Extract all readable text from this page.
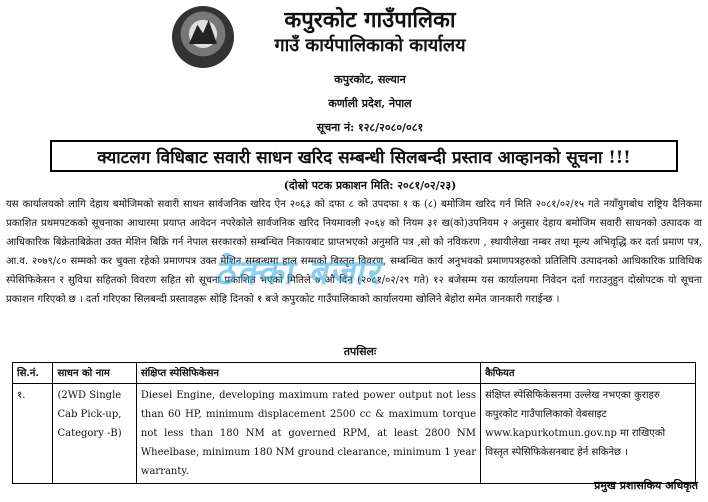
कपुरकोट गाउँपालिका
गाउँ कार्यपालिकाको कार्यालय
कपुरकोट, सल्यान
कर्णाली प्रदेश, नेपाल
सूचना नं: १२८/२०८०/०८१
क्याटलग विधिबाट सवारी साधन खरिद सम्बन्धी सिलबन्दी प्रस्ताव आव्हानको सूचना !!!
(दोस्रो पटक प्रकाशन मिति: २०८१/०२/२३)

यस कार्यालयको लागि देहाय बमोजिमको सवारी साधन सार्वजनिक खरिद ऐन २०६३ को दफा ८ को उपदफा १ क (८) बमोजिम खरिद गर्न मिति २०८१/०२/१५ गते नयाँयुगबोध राष्ट्रिय दैनिकमा प्रकाशित प्रथमपटकको सूचनाका आधारमा प्रयाप्त आवेदन नपरेकोले सार्वजनिक खरिद नियमावली २०६४ को नियम ३१ ख(को)उपनियम २ अनुसार देहाय बमोजिम सवारी साधनको उत्पादक वा आधिकारिक बिक्रेताबिक्रेता उक्त मेशिन बिक्रि गर्न नेपाल सरकारको सम्बन्धित निकायबाट प्राप्तभएको अनुमति पत्र ,सो को नविकरण , स्थायीलेखा नम्बर तथा मूल्य अभिवृद्धि कर दर्ता प्रमाण पत्र, आ.व. २०७९/८० सम्मको कर चुक्ता रहेको प्रमाणपत्र उक्त मेशिन सम्बन्धमा हाल सम्मको बिस्तृत विवरण, सम्बन्धित कार्य अनुभवको प्रमाणपत्रहरुको प्रतिलिपि उत्पादनको आधिकारिक प्राविधिक स्पेसिफिकेसन र सुविधा सहितको विवरण सहित सो सूचना प्रकाशित भएको मितिले ७ औं दिन (२०८१/०२/२९ गते) १२ बजेसम्म यस कार्यालयमा निवेदन दर्ता गराउनुहुन दोस्रोपटक यो सूचना प्रकाशन गरिएको छ । दर्ता गरिएका सिलबन्दी प्रस्तावहरू सोहि दिनको १ बजे कपुरकोट गाउँपालिकाको कार्यालयमा खोलिने बेहोरा समेत जानकारी गराईन्छ ।

ठेक्का बजार
तपसिलः
सि.नं.	साधन को नाम	संक्षिप्त स्पेसिफिकेसन	कैफियत
१.	(2WD Single Cab Pick-up, Category -B)	Diesel Engine, developing maximum rated power output not less than 60 HP, minimum displacement 2500 cc & maximum torque not less than 180 NM at governed RPM, at least 2800 NM Wheelbase, minimum 180 NM ground clearance, minimum 1 year warranty.	संक्षिप्त स्पेसिफिकेसनमा उल्लेख नभएका कुराहरु कपुरकोट गाउँपालिकाको वेबसाइट www.kapurkotmun.gov.np मा राखिएको विस्तृत स्पेसिफिकेसनबाट हेर्न सकिनेछ ।
प्रमुख प्रशासकिय अधिकृत
